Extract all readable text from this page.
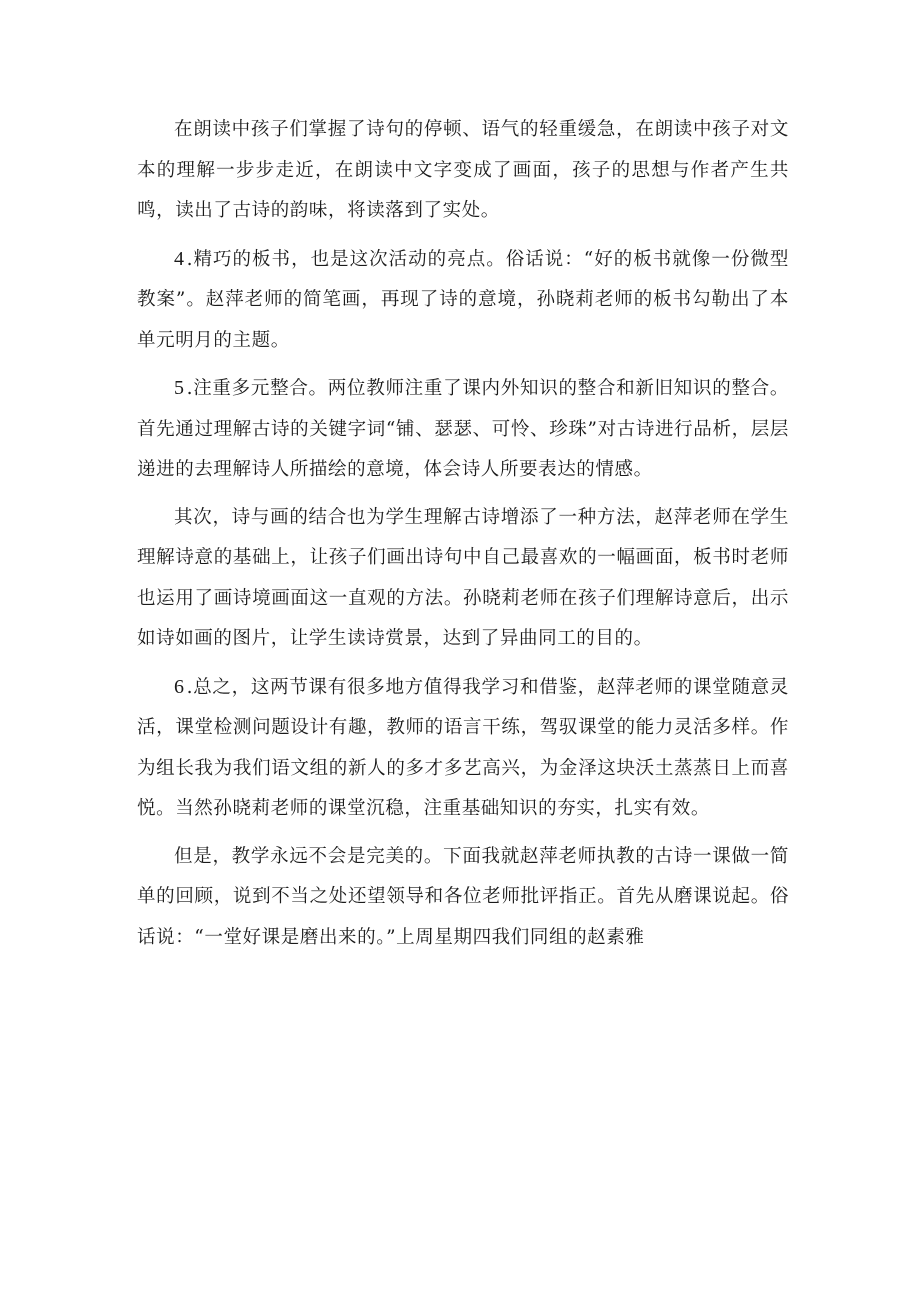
在朗读中孩子们掌握了诗句的停顿、语气的轻重缓急，在朗读中孩子对文本的理解一步步走近，在朗读中文字变成了画面，孩子的思想与作者产生共鸣，读出了古诗的韵味，将读落到了实处。

4 .精巧的板书，也是这次活动的亮点。俗话说：“好的板书就像一份微型教案”。赵萍老师的简笔画，再现了诗的意境，孙晓莉老师的板书勾勒出了本单元明月的主题。

5 .注重多元整合。两位教师注重了课内外知识的整合和新旧知识的整合。首先通过理解古诗的关键字词“铺、瑟瑟、可怜、珍珠”对古诗进行品析，层层递进的去理解诗人所描绘的意境，体会诗人所要表达的情感。

其次，诗与画的结合也为学生理解古诗增添了一种方法，赵萍老师在学生理解诗意的基础上，让孩子们画出诗句中自己最喜欢的一幅画面，板书时老师也运用了画诗境画面这一直观的方法。孙晓莉老师在孩子们理解诗意后，出示如诗如画的图片，让学生读诗赏景，达到了异曲同工的目的。

6 .总之，这两节课有很多地方值得我学习和借鉴，赵萍老师的课堂随意灵活，课堂检测问题设计有趣，教师的语言干练，驾驭课堂的能力灵活多样。作为组长我为我们语文组的新人的多才多艺高兴，为金泽这块沃土蒸蒸日上而喜悦。当然孙晓莉老师的课堂沉稳，注重基础知识的夯实，扎实有效。

但是，教学永远不会是完美的。下面我就赵萍老师执教的古诗一课做一简单的回顾，说到不当之处还望领导和各位老师批评指正。首先从磨课说起。俗话说：“一堂好课是磨出来的。”上周星期四我们同组的赵素雅
